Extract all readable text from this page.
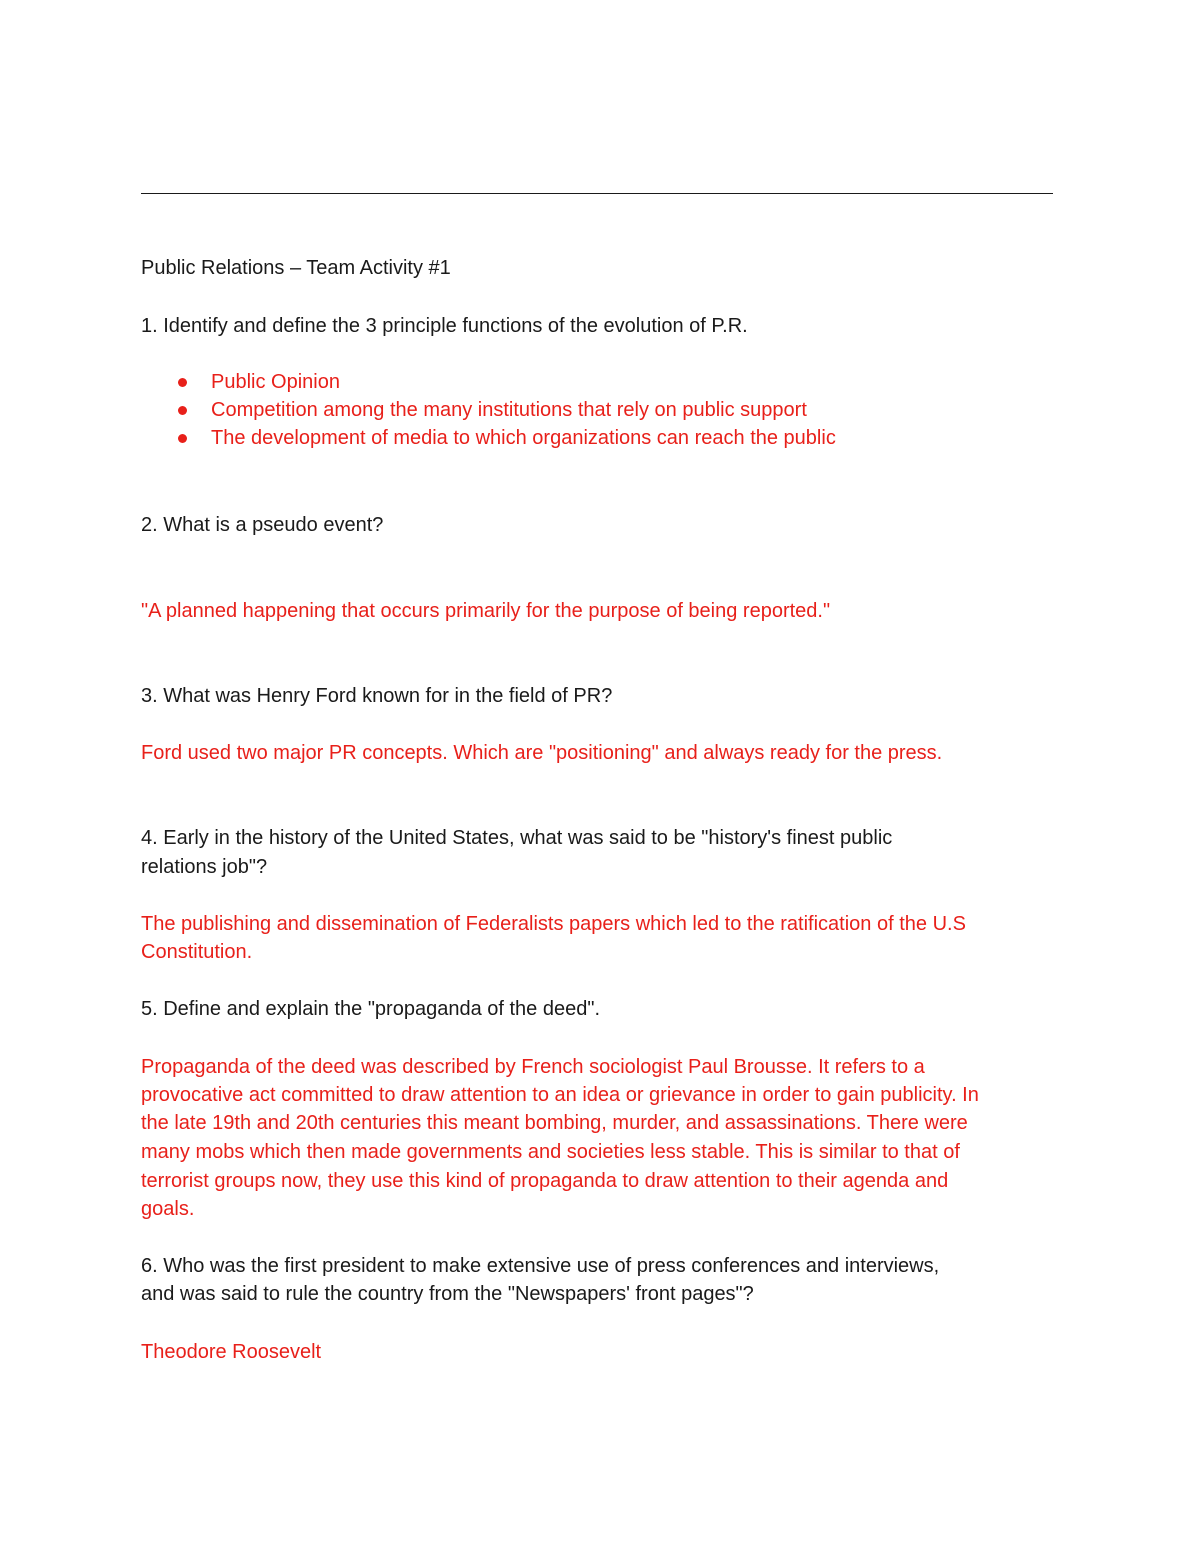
Public Relations – Team Activity #1
1. Identify and define the 3 principle functions of the evolution of P.R.
Public Opinion
Competition among the many institutions that rely on public support
The development of media to which organizations can reach the public
2. What is a pseudo event?
"A planned happening that occurs primarily for the purpose of being reported."
3. What was Henry Ford known for in the field of PR?
Ford used two major PR concepts. Which are "positioning" and always ready for the press.
4. Early in the history of the United States, what was said to be "history's finest public
relations job"?
The publishing and dissemination of Federalists papers which led to the ratification of the U.S
Constitution.
5. Define and explain the "propaganda of the deed".
Propaganda of the deed was described by French sociologist Paul Brousse. It refers to a
provocative act committed to draw attention to an idea or grievance in order to gain publicity. In
the late 19th and 20th centuries this meant bombing, murder, and assassinations. There were
many mobs which then made governments and societies less stable. This is similar to that of
terrorist groups now, they use this kind of propaganda to draw attention to their agenda and
goals.
6. Who was the first president to make extensive use of press conferences and interviews,
and was said to rule the country from the "Newspapers' front pages"?
Theodore Roosevelt
